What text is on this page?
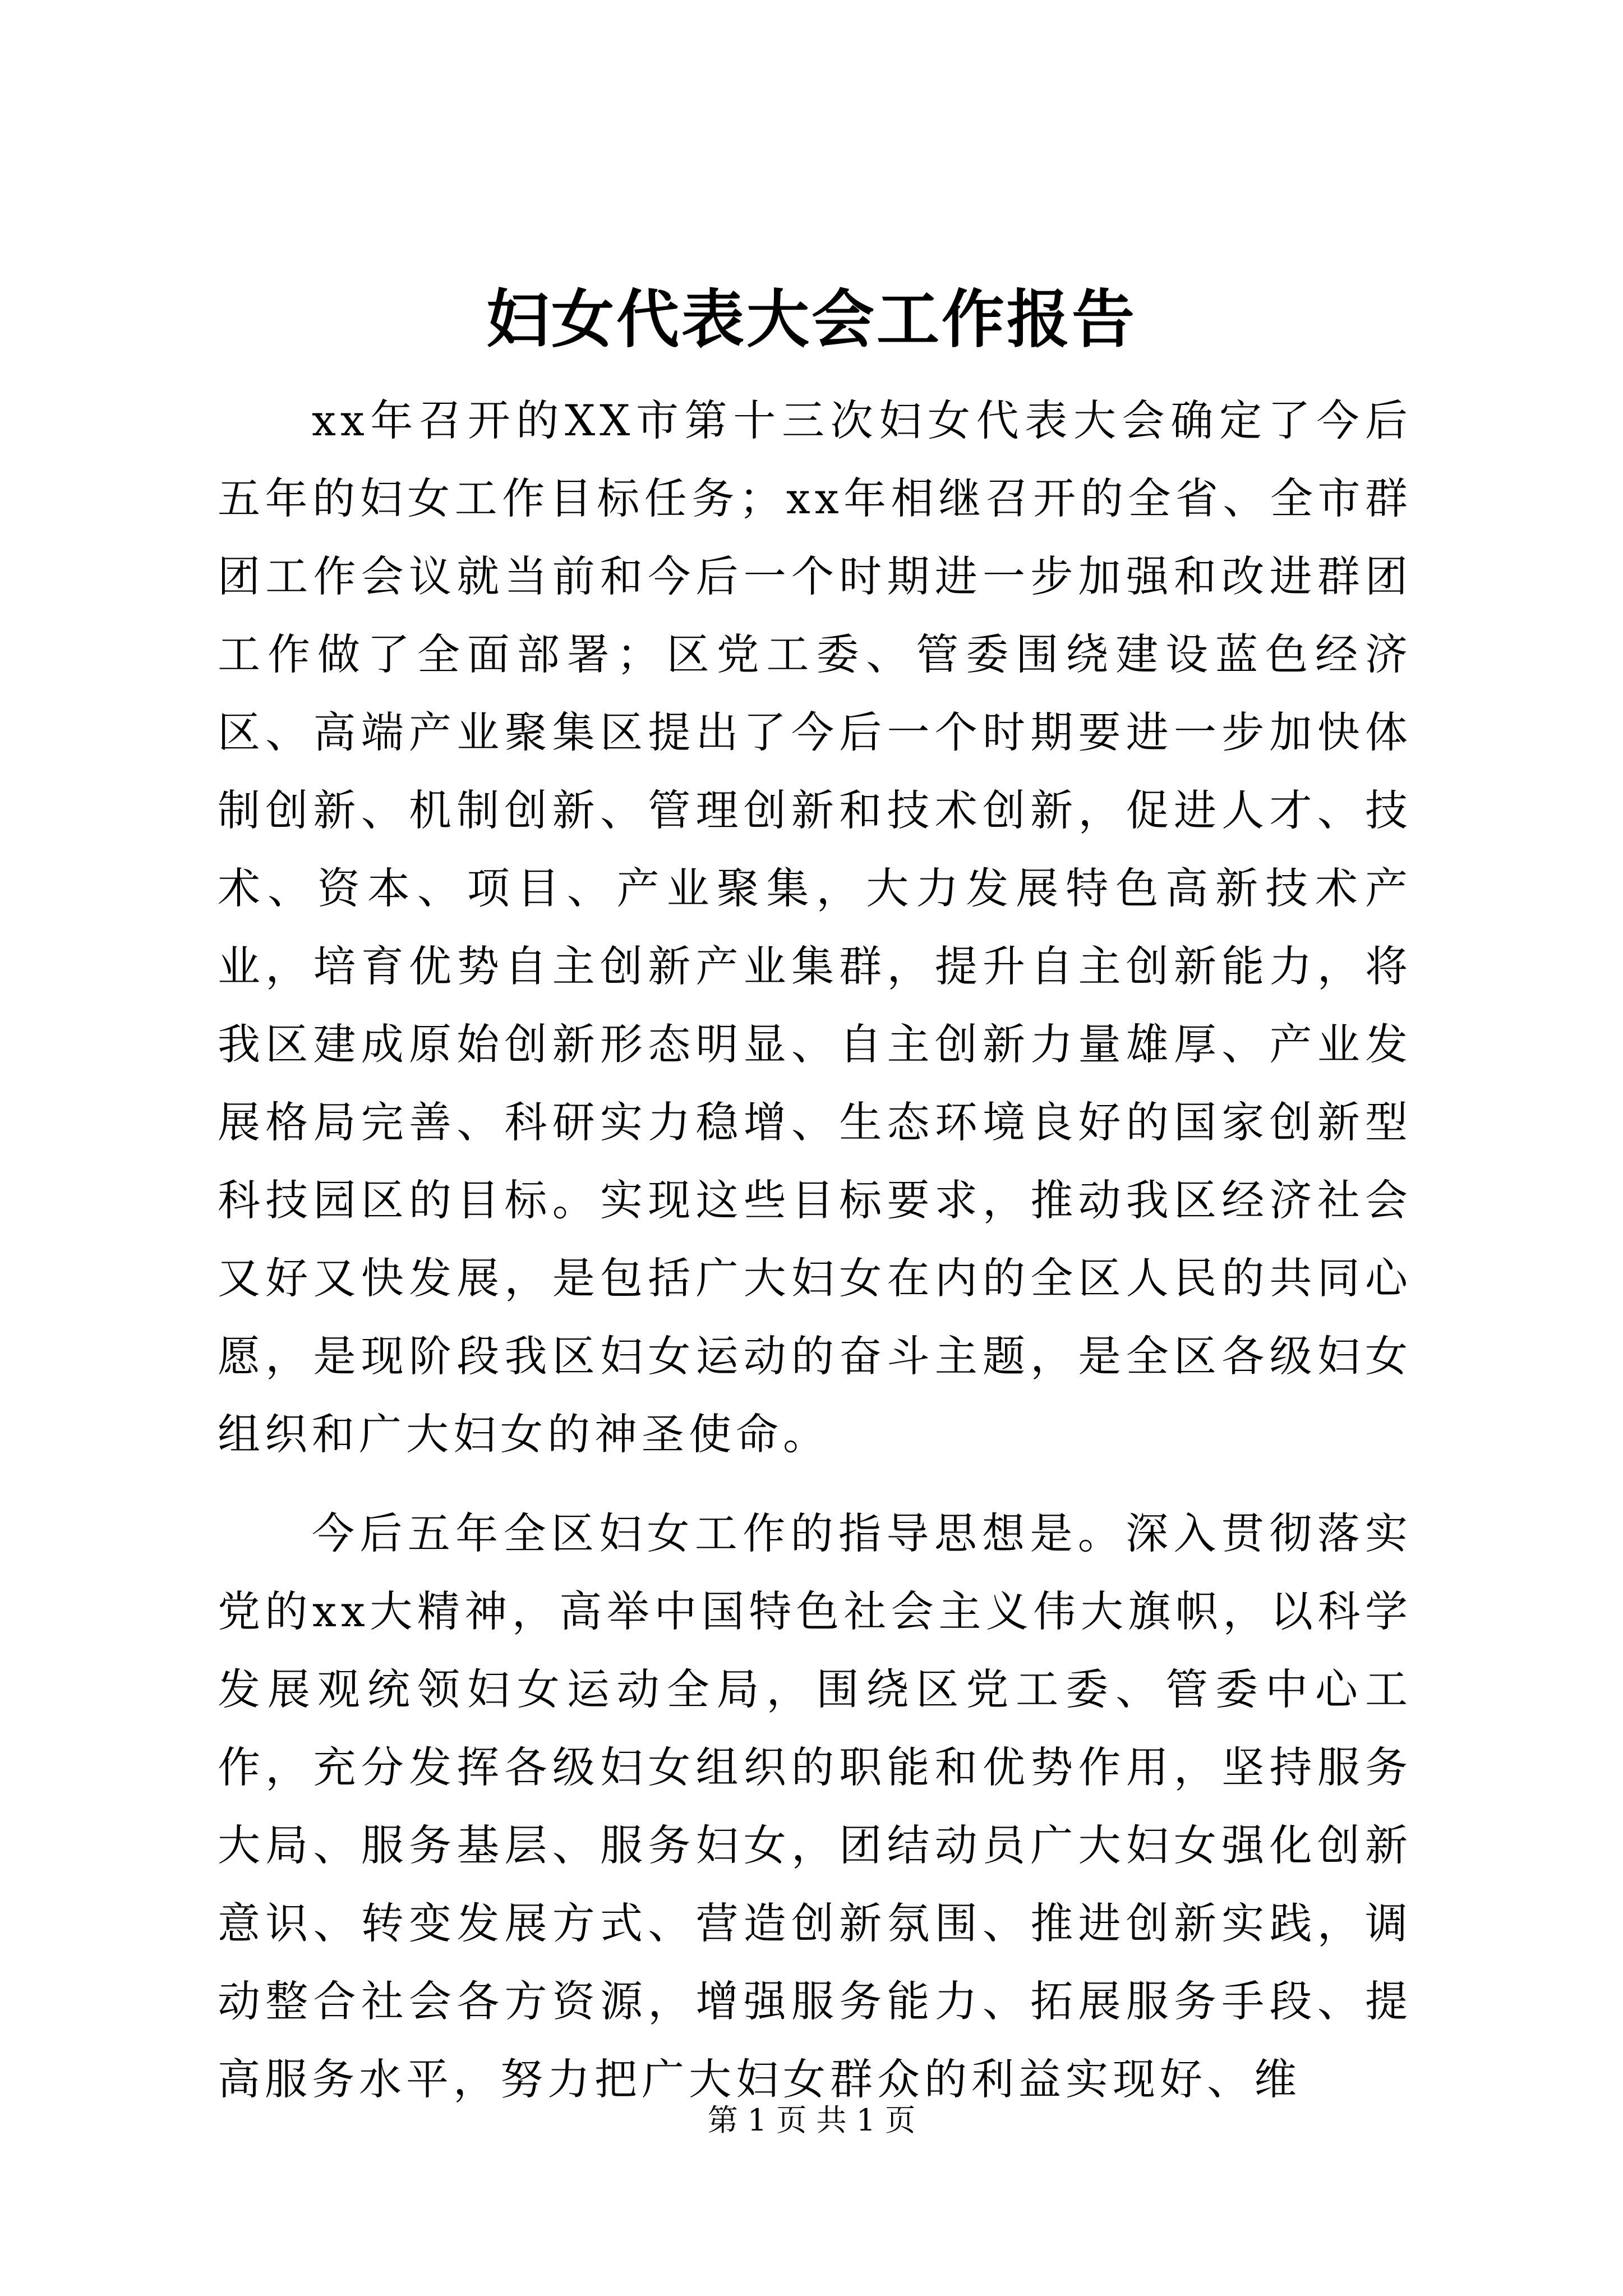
妇女代表大会工作报告

xx年召开的XX市第十三次妇女代表大会确定了今后五年的妇女工作目标任务；xx年相继召开的全省、全市群团工作会议就当前和今后一个时期进一步加强和改进群团工作做了全面部署；区党工委、管委围绕建设蓝色经济区、高端产业聚集区提出了今后一个时期要进一步加快体制创新、机制创新、管理创新和技术创新，促进人才、技术、资本、项目、产业聚集，大力发展特色高新技术产业，培育优势自主创新产业集群，提升自主创新能力，将我区建成原始创新形态明显、自主创新力量雄厚、产业发展格局完善、科研实力稳增、生态环境良好的国家创新型科技园区的目标。实现这些目标要求，推动我区经济社会又好又快发展，是包括广大妇女在内的全区人民的共同心愿，是现阶段我区妇女运动的奋斗主题，是全区各级妇女组织和广大妇女的神圣使命。

今后五年全区妇女工作的指导思想是。深入贯彻落实党的xx大精神，高举中国特色社会主义伟大旗帜，以科学发展观统领妇女运动全局，围绕区党工委、管委中心工作，充分发挥各级妇女组织的职能和优势作用，坚持服务大局、服务基层、服务妇女，团结动员广大妇女强化创新意识、转变发展方式、营造创新氛围、推进创新实践，调动整合社会各方资源，增强服务能力、拓展服务手段、提高服务水平，努力把广大妇女群众的利益实现好、维

第 1 页 共 1 页
